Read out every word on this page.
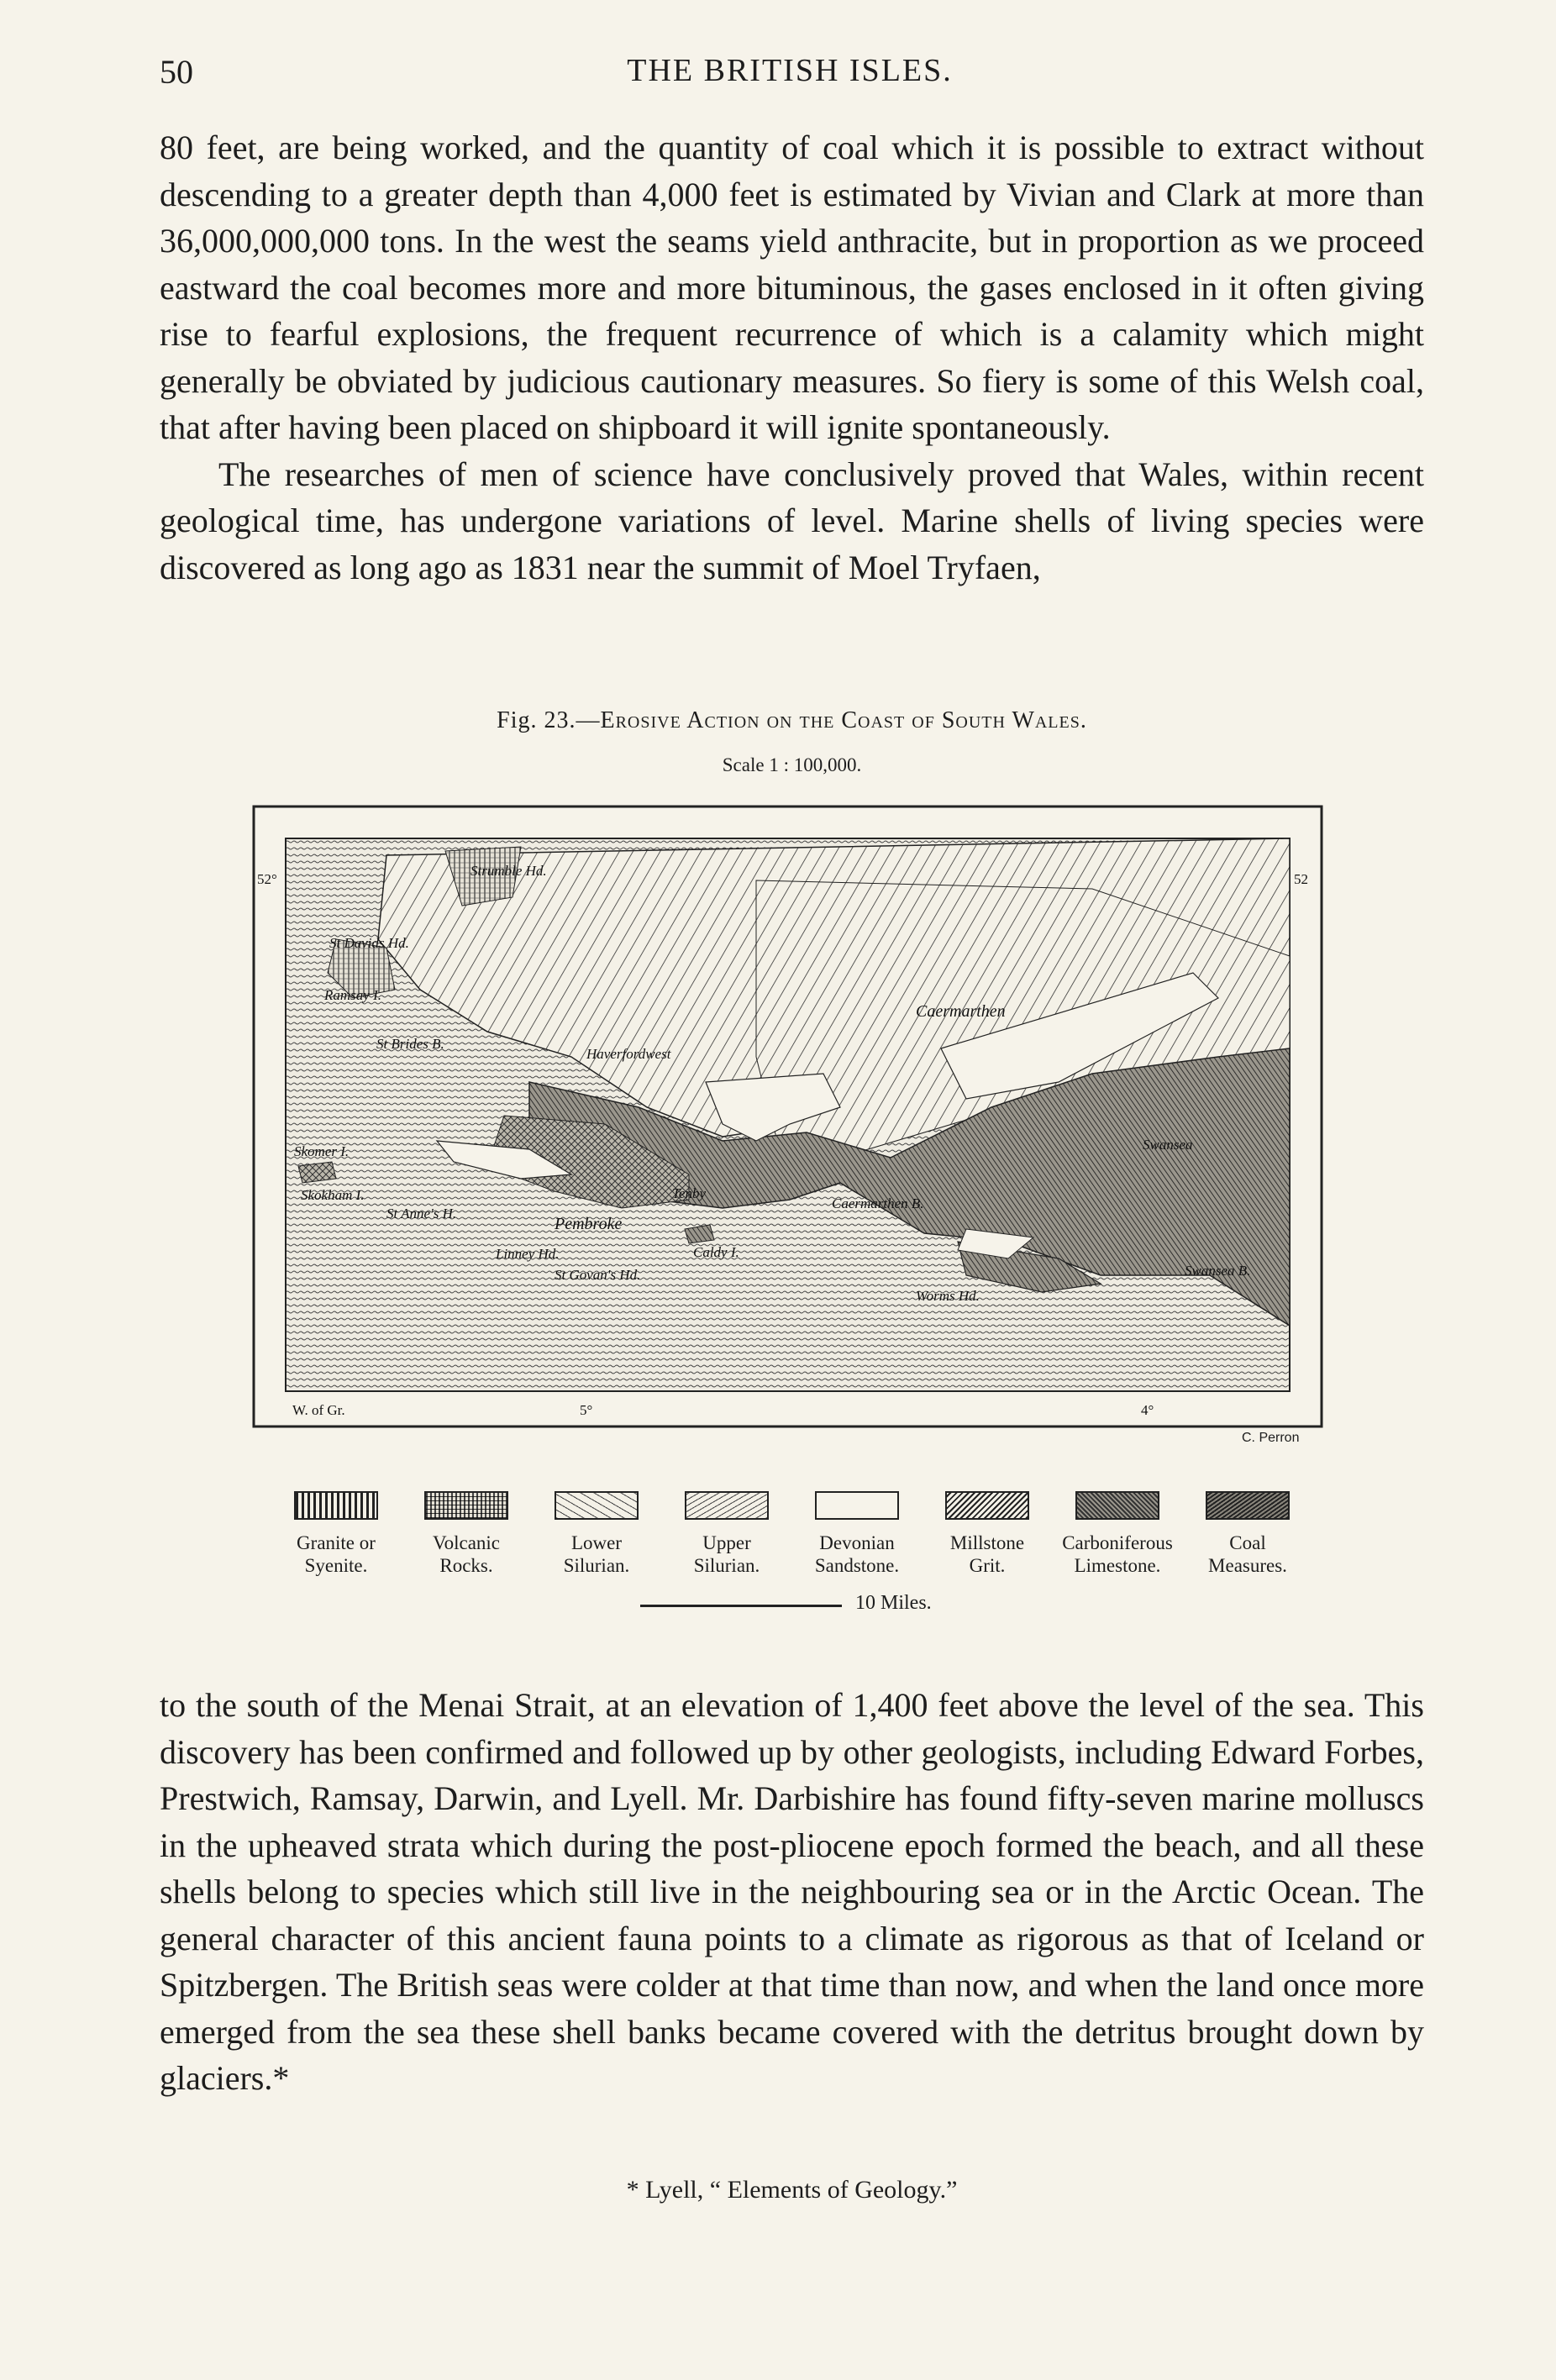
50	THE BRITISH ISLES.

80 feet, are being worked, and the quantity of coal which it is possible to extract without descending to a greater depth than 4,000 feet is estimated by Vivian and Clark at more than 36,000,000,000 tons. In the west the seams yield anthracite, but in proportion as we proceed eastward the coal becomes more and more bituminous, the gases enclosed in it often giving rise to fearful explosions, the frequent recurrence of which is a calamity which might generally be obviated by judicious cautionary measures. So fiery is some of this Welsh coal, that after having been placed on shipboard it will ignite spontaneously.

The researches of men of science have conclusively proved that Wales, within recent geological time, has undergone variations of level. Marine shells of living species were discovered as long ago as 1831 near the summit of Moel Tryfaen,

Fig. 23.—Erosive Action on the Coast of South Wales.
Scale 1 : 100,000.
52°	52
Strumble Hd.
St Davids Hd.
Ramsay I.
St Brides B.
Haverfordwest
Caermarthen
Skomer I.
Skokham I.
St Anne's H.
Pembroke
Tenby
Caldy I.
Linney Hd.
St Govan's Hd.
Caermarthen B.
Worms Hd.
Swansea
Swansea B.
W. of Gr.	5°	4°
C. Perron
Granite or
Syenite.
Volcanic
Rocks.
Lower
Silurian.
Upper
Silurian.
Devonian
Sandstone.
Millstone
Grit.
Carboniferous
Limestone.
Coal
Measures.
10 Miles.

to the south of the Menai Strait, at an elevation of 1,400 feet above the level of the sea. This discovery has been confirmed and followed up by other geologists, including Edward Forbes, Prestwich, Ramsay, Darwin, and Lyell. Mr. Darbishire has found fifty-seven marine molluscs in the upheaved strata which during the post-pliocene epoch formed the beach, and all these shells belong to species which still live in the neighbouring sea or in the Arctic Ocean. The general character of this ancient fauna points to a climate as rigorous as that of Iceland or Spitzbergen. The British seas were colder at that time than now, and when the land once more emerged from the sea these shell banks became covered with the detritus brought down by glaciers.*

* Lyell, “ Elements of Geology.”
